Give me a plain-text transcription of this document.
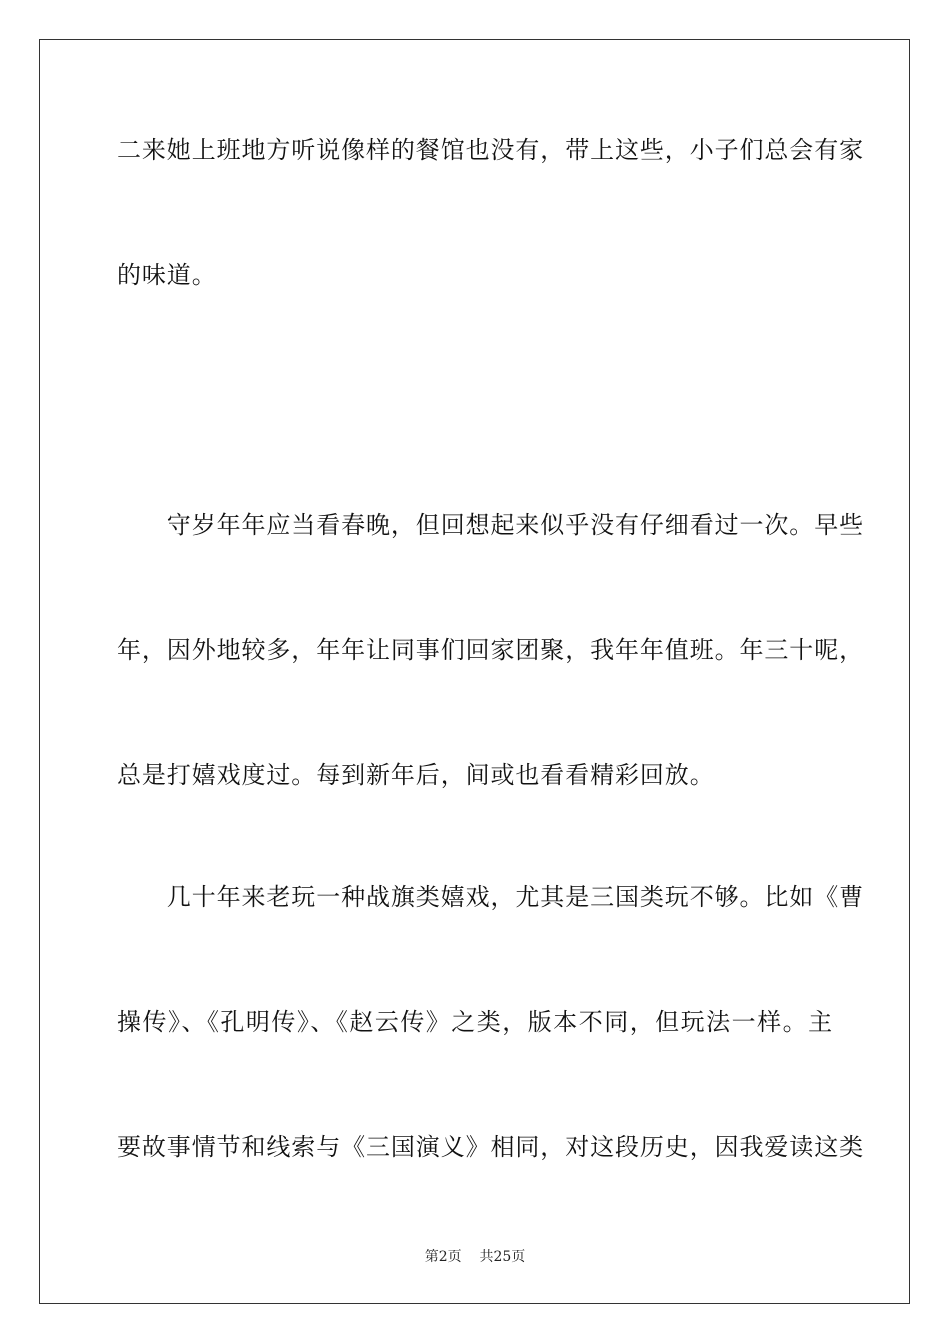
二来她上班地方听说像样的餐馆也没有，带上这些，小子们总会有家
的味道。
　　守岁年年应当看春晚，但回想起来似乎没有仔细看过一次。早些
年，因外地较多，年年让同事们回家团聚，我年年值班。年三十呢，
总是打嬉戏度过。每到新年后，间或也看看精彩回放。
　　几十年来老玩一种战旗类嬉戏，尤其是三国类玩不够。比如《曹
操传》、《孔明传》、《赵云传》之类，版本不同，但玩法一样。主
要故事情节和线索与《三国演义》相同，对这段历史，因我爱读这类
第2页 共25页
